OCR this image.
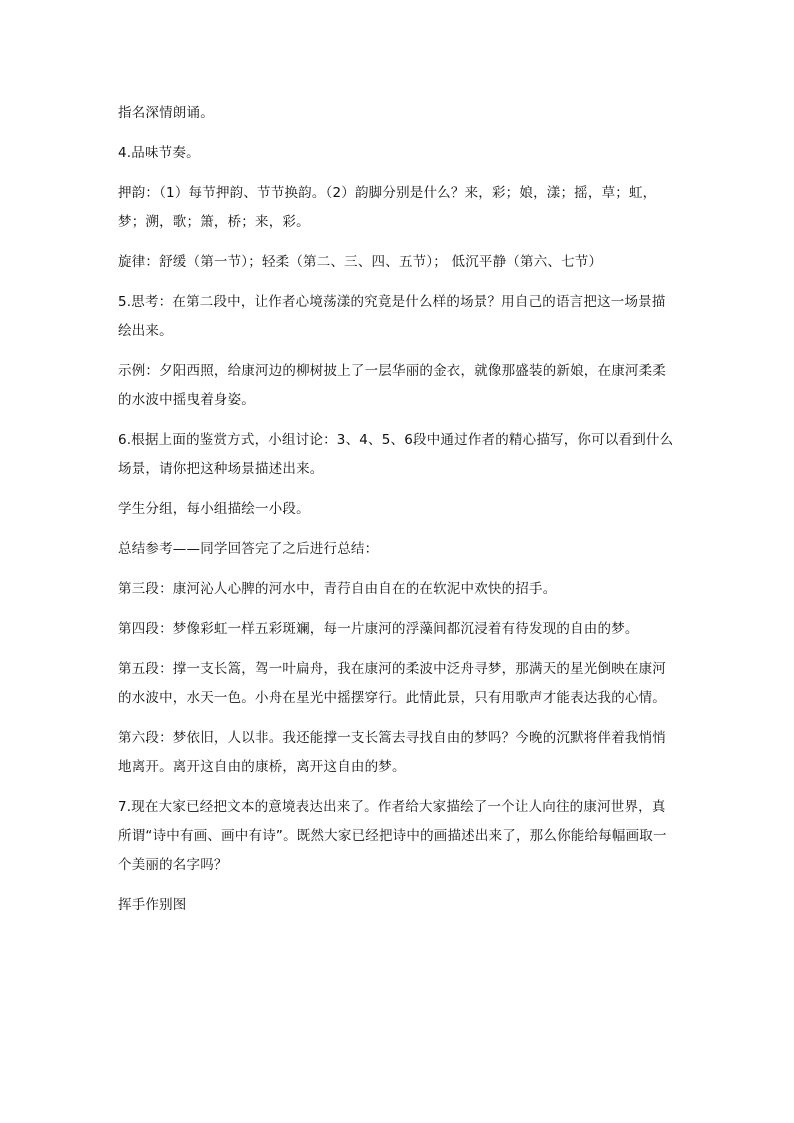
指名深情朗诵。

4.品味节奏。

押韵：（1）每节押韵、节节换韵。（2）韵脚分别是什么？来，彩；娘，漾；摇，草；虹，梦；溯，歌；箫，桥；来，彩。

旋律：舒缓（第一节）；轻柔（第二、三、四、五节）； 低沉平静（第六、七节）

5.思考：在第二段中，让作者心境荡漾的究竟是什么样的场景？用自己的语言把这一场景描绘出来。

示例：夕阳西照，给康河边的柳树披上了一层华丽的金衣，就像那盛装的新娘，在康河柔柔的水波中摇曳着身姿。

6.根据上面的鉴赏方式，小组讨论：3、4、5、6段中通过作者的精心描写，你可以看到什么场景，请你把这种场景描述出来。

学生分组，每小组描绘一小段。

总结参考——同学回答完了之后进行总结：

第三段：康河沁人心脾的河水中，青荇自由自在的在软泥中欢快的招手。

第四段：梦像彩虹一样五彩斑斓，每一片康河的浮藻间都沉浸着有待发现的自由的梦。

第五段：撑一支长篙，驾一叶扁舟，我在康河的柔波中泛舟寻梦，那满天的星光倒映在康河的水波中，水天一色。小舟在星光中摇摆穿行。此情此景，只有用歌声才能表达我的心情。

第六段：梦依旧，人以非。我还能撑一支长篙去寻找自由的梦吗？今晚的沉默将伴着我悄悄地离开。离开这自由的康桥，离开这自由的梦。

7.现在大家已经把文本的意境表达出来了。作者给大家描绘了一个让人向往的康河世界，真所谓“诗中有画、画中有诗”。既然大家已经把诗中的画描述出来了，那么你能给每幅画取一个美丽的名字吗？

挥手作别图
